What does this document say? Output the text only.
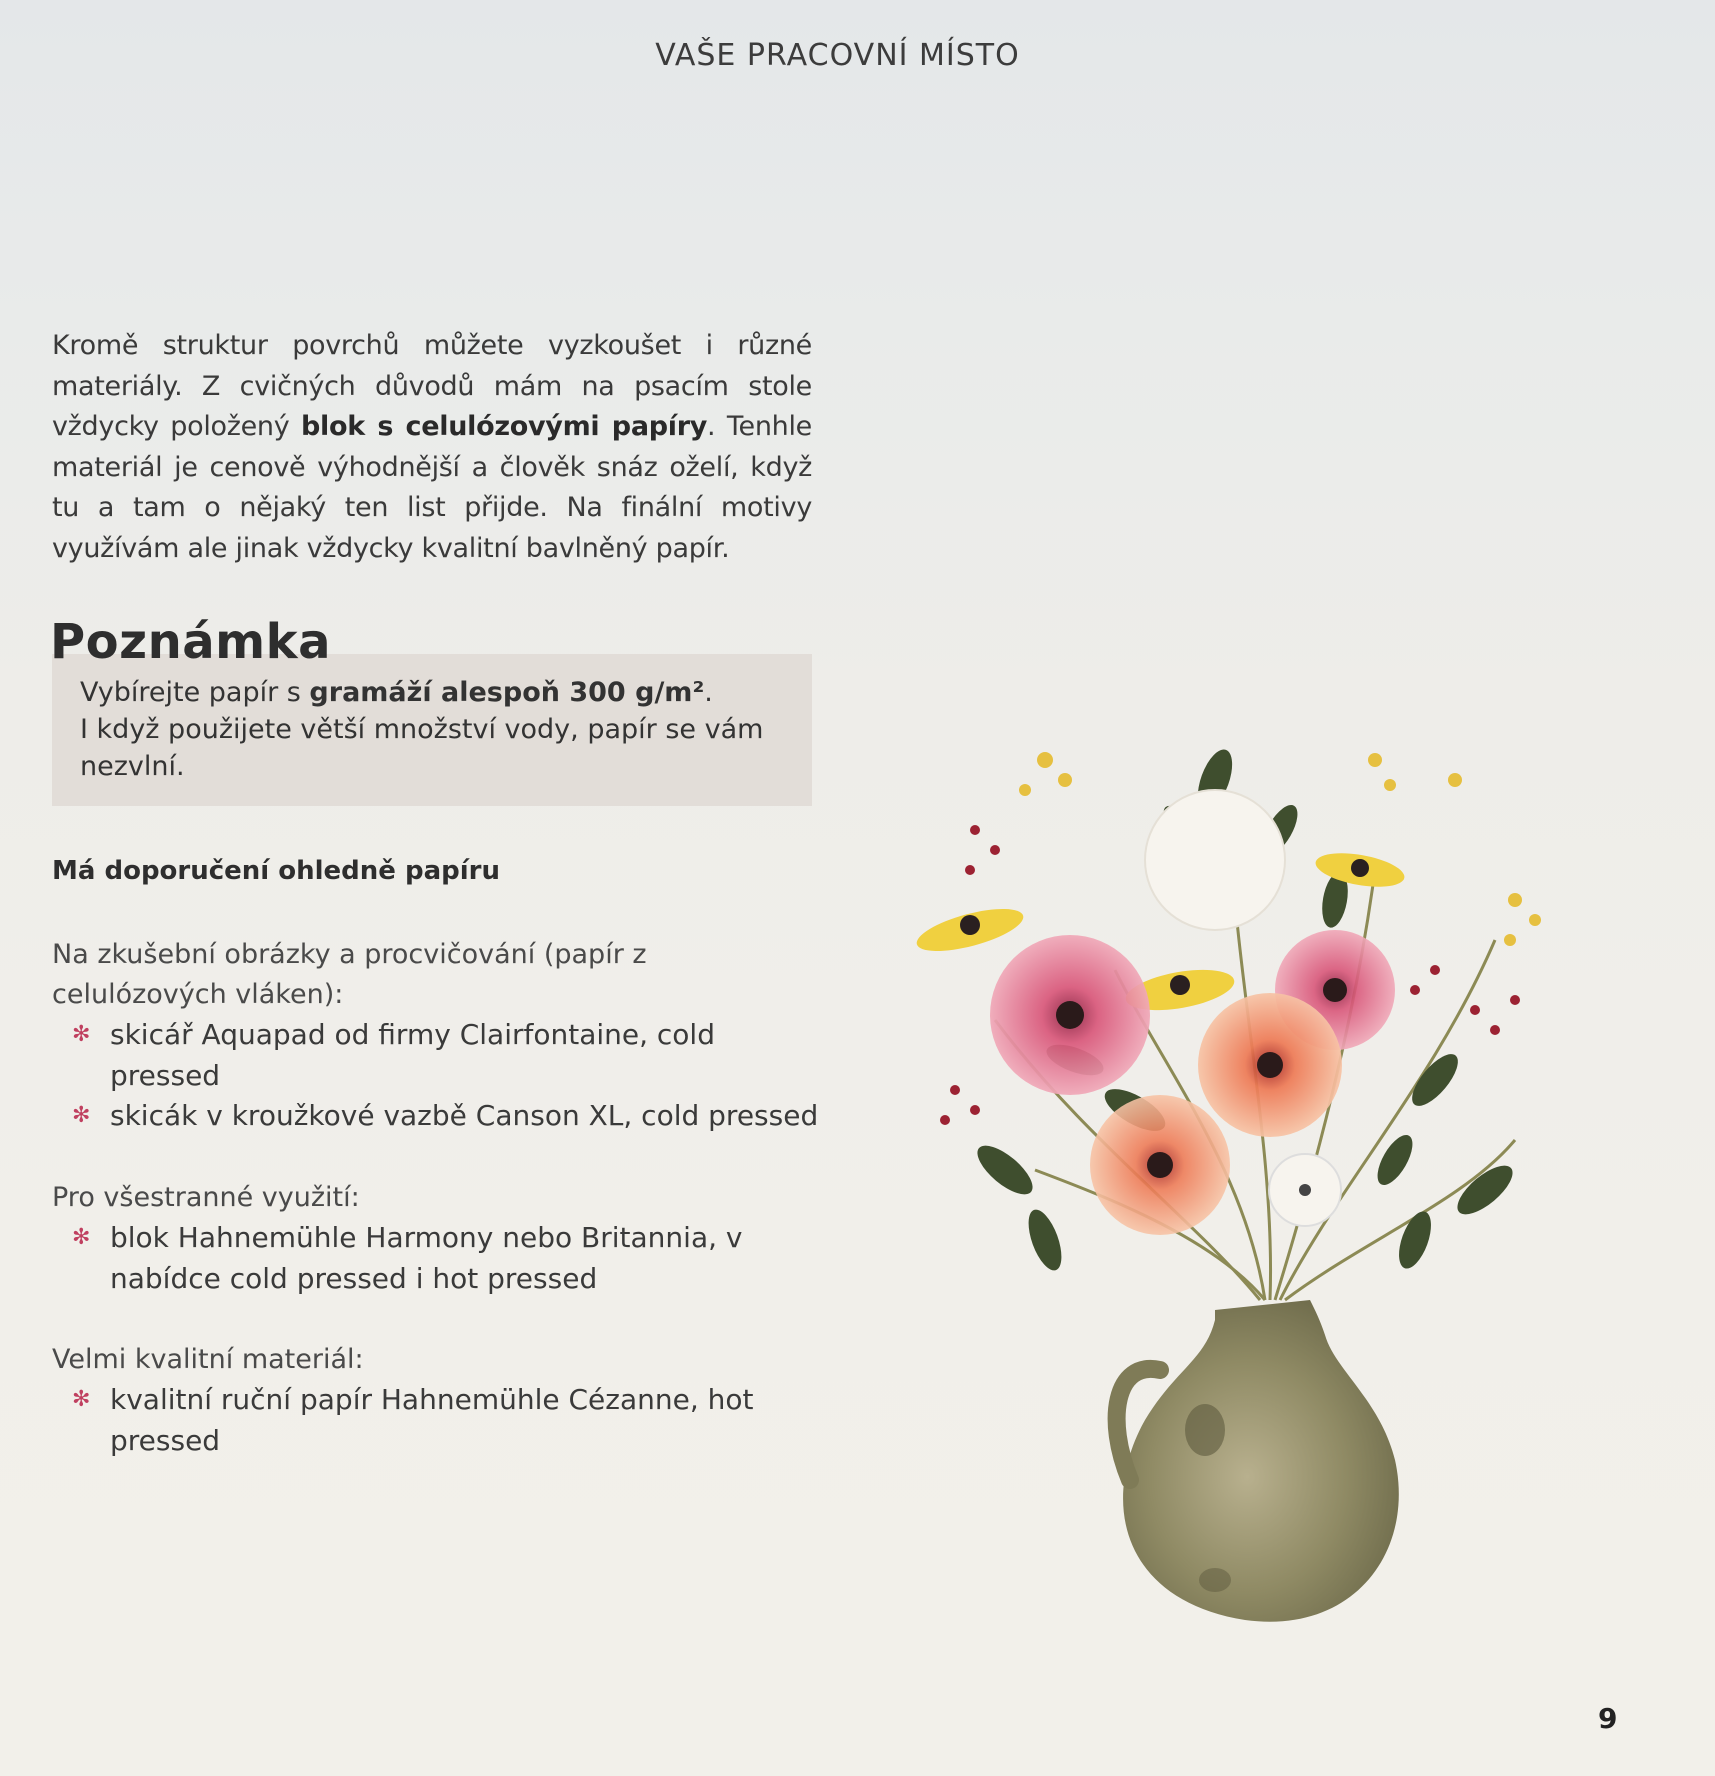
VAŠE PRACOVNÍ MÍSTO
Kromě struktur povrchů můžete vyzkoušet i různé materiály. Z cvičných důvodů mám na psacím stole vždycky položený blok s celulózovými papíry. Tenhle materiál je cenově výhodnější a člověk snáz oželí, když tu a tam o nějaký ten list přijde. Na finální motivy využívám ale jinak vždycky kvalitní bavlněný papír.
Poznámka
Vybírejte papír s gramáží alespoň 300 g/m².
I když použijete větší množství vody, papír se vám nezvlní.
Má doporučení ohledně papíru
Na zkušební obrázky a procvičování (papír z celulózových vláken):
✻ skicář Aquapad od firmy Clairfontaine, cold pressed
✻ skicák v kroužkové vazbě Canson XL, cold pressed
Pro všestranné využití:
✻ blok Hahnemühle Harmony nebo Britannia, v nabídce cold pressed i hot pressed
Velmi kvalitní materiál:
✻ kvalitní ruční papír Hahnemühle Cézanne, hot pressed
9
